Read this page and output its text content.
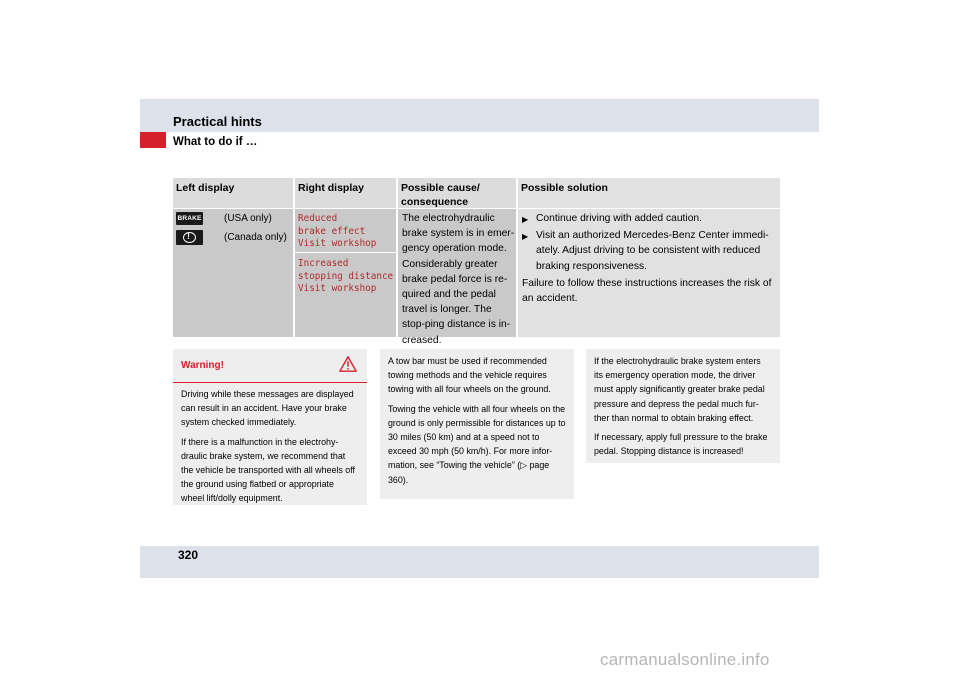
Practical hints
What to do if …
Left display
BRAKE (USA only)
!
(Canada only)
Right display
Reduced
brake effect
Visit workshop
Increased
stopping distance
Visit workshop
Possible cause/ consequence
The electrohydraulic brake system is in emer-gency operation mode. Considerably greater brake pedal force is re-quired and the pedal travel is longer. The stop-ping distance is in-creased.
Possible solution
▶ Continue driving with added caution.
▶ Visit an authorized Mercedes-Benz Center immedi-ately. Adjust driving to be consistent with reduced braking responsiveness.

Failure to follow these instructions increases the risk of an accident.

Warning!

Driving while these messages are displayed can result in an accident. Have your brake system checked immediately.

If there is a malfunction in the electrohy-draulic brake system, we recommend that the vehicle be transported with all wheels off the ground using flatbed or appropriate wheel lift/dolly equipment.

A tow bar must be used if recommended towing methods and the vehicle requires towing with all four wheels on the ground.

Towing the vehicle with all four wheels on the ground is only permissible for distances up to 30 miles (50 km) and at a speed not to exceed 30 mph (50 km/h). For more infor-mation, see “Towing the vehicle” (▷ page 360).

If the electrohydraulic brake system enters its emergency operation mode, the driver must apply significantly greater brake pedal pressure and depress the pedal much fur-ther than normal to obtain braking effect.

If necessary, apply full pressure to the brake pedal. Stopping distance is increased!

320
carmanualsonline.info
